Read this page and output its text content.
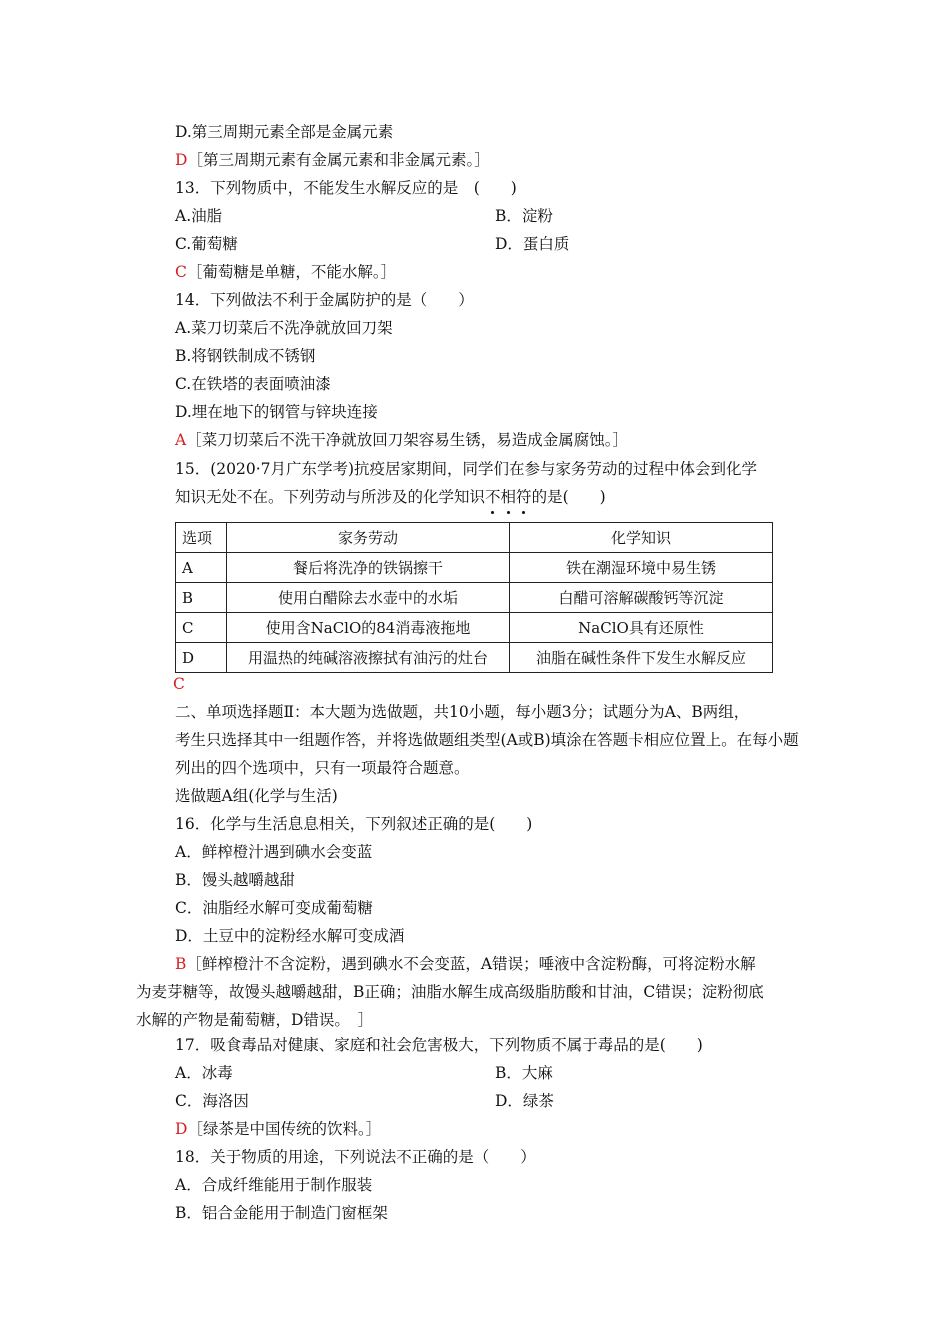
D.第三周期元素全部是金属元素
D［第三周期元素有金属元素和非金属元素。］
13．下列物质中，不能发生水解反应的是　(　　)
A.油脂	B．淀粉
C.葡萄糖	D．蛋白质
C［葡萄糖是单糖，不能水解。］
14．下列做法不利于金属防护的是（　　）
A.菜刀切菜后不洗净就放回刀架
B.将钢铁制成不锈钢
C.在铁塔的表面喷油漆
D.埋在地下的钢管与锌块连接
A［菜刀切菜后不洗干净就放回刀架容易生锈，易造成金属腐蚀。］
15．(2020·7月广东学考)抗疫居家期间，同学们在参与家务劳动的过程中体会到化学
知识无处不在。下列劳动与所涉及的化学知识不相符的是(　　)
选项	家务劳动	化学知识
A	餐后将洗净的铁锅擦干	铁在潮湿环境中易生锈
B	使用白醋除去水壶中的水垢	白醋可溶解碳酸钙等沉淀
C	使用含NaClO的84消毒液拖地	NaClO具有还原性
D	用温热的纯碱溶液擦拭有油污的灶台	油脂在碱性条件下发生水解反应
C
二、单项选择题Ⅱ：本大题为选做题，共10小题，每小题3分；试题分为A、B两组，
考生只选择其中一组题作答，并将选做题组类型(A或B)填涂在答题卡相应位置上。在每小题
列出的四个选项中，只有一项最符合题意。
选做题A组(化学与生活)
16．化学与生活息息相关，下列叙述正确的是(　　)
A．鲜榨橙汁遇到碘水会变蓝
B．馒头越嚼越甜
C．油脂经水解可变成葡萄糖
D．土豆中的淀粉经水解可变成酒
B［鲜榨橙汁不含淀粉，遇到碘水不会变蓝，A错误；唾液中含淀粉酶，可将淀粉水解
为麦芽糖等，故馒头越嚼越甜，B正确；油脂水解生成高级脂肪酸和甘油，C错误；淀粉彻底
水解的产物是葡萄糖，D错误。　］
17．吸食毒品对健康、家庭和社会危害极大，下列物质不属于毒品的是(　　)
A．冰毒	B．大麻
C．海洛因	D．绿茶
D［绿茶是中国传统的饮料。］
18．关于物质的用途，下列说法不正确的是（　　）
A．合成纤维能用于制作服装
B．铝合金能用于制造门窗框架
